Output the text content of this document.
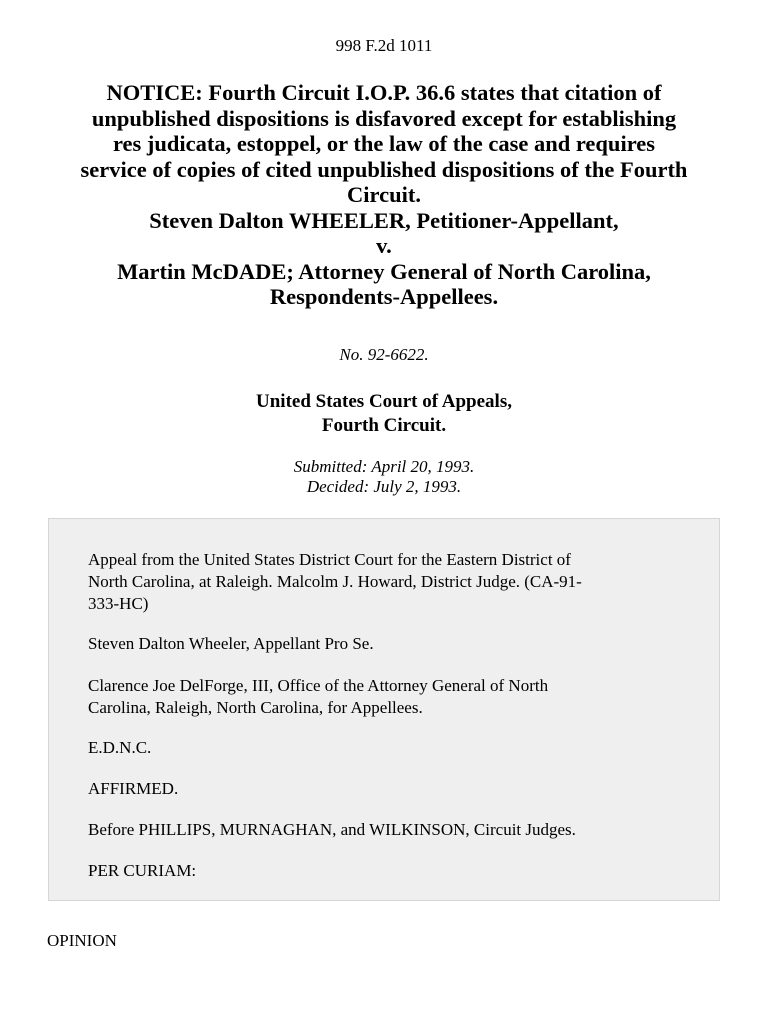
998 F.2d 1011
NOTICE: Fourth Circuit I.O.P. 36.6 states that citation of
unpublished dispositions is disfavored except for establishing
res judicata, estoppel, or the law of the case and requires
service of copies of cited unpublished dispositions of the Fourth
Circuit.
Steven Dalton WHEELER, Petitioner-Appellant,
v.
Martin McDADE; Attorney General of North Carolina,
Respondents-Appellees.
No. 92-6622.
United States Court of Appeals,
Fourth Circuit.
Submitted: April 20, 1993.
Decided: July 2, 1993.

Appeal from the United States District Court for the Eastern District of
North Carolina, at Raleigh. Malcolm J. Howard, District Judge. (CA-91-
333-HC)

Steven Dalton Wheeler, Appellant Pro Se.

Clarence Joe DelForge, III, Office of the Attorney General of North
Carolina, Raleigh, North Carolina, for Appellees.

E.D.N.C.

AFFIRMED.

Before PHILLIPS, MURNAGHAN, and WILKINSON, Circuit Judges.

PER CURIAM:

OPINION
